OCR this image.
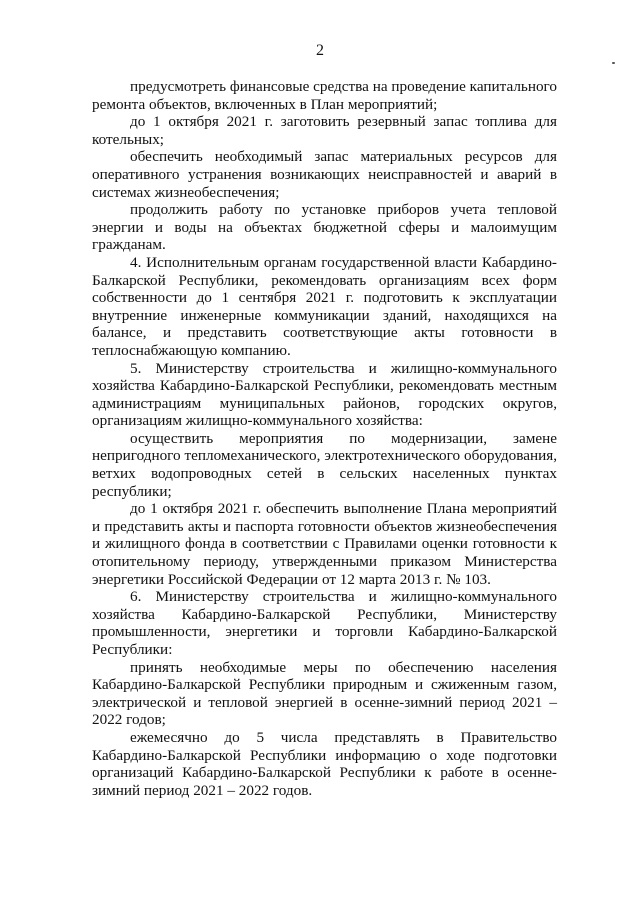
2

предусмотреть финансовые средства на проведение капитального ремонта объектов, включенных в План мероприятий;

до 1 октября 2021 г. заготовить резервный запас топлива для котельных;

обеспечить необходимый запас материальных ресурсов для оперативного устранения возникающих неисправностей и аварий в системах жизнеобеспечения;

продолжить работу по установке приборов учета тепловой энергии и воды на объектах бюджетной сферы и малоимущим гражданам.

4. Исполнительным органам государственной власти Кабардино-Балкарской Республики, рекомендовать организациям всех форм собственности до 1 сентября 2021 г. подготовить к эксплуатации внутренние инженерные коммуникации зданий, находящихся на балансе, и представить соответствующие акты готовности в теплоснабжающую компанию.

5. Министерству строительства и жилищно-коммунального хозяйства Кабардино-Балкарской Республики, рекомендовать местным администрациям муниципальных районов, городских округов, организациям жилищно-коммунального хозяйства:

осуществить мероприятия по модернизации, замене непригодного тепломеханического, электротехнического оборудования, ветхих водопроводных сетей в сельских населенных пунктах республики;

до 1 октября 2021 г. обеспечить выполнение Плана мероприятий и представить акты и паспорта готовности объектов жизнеобеспечения и жилищного фонда в соответствии с Правилами оценки готовности к отопительному периоду, утвержденными приказом Министерства энергетики Российской Федерации от 12 марта 2013 г. № 103.

6. Министерству строительства и жилищно-коммунального хозяйства Кабардино-Балкарской Республики, Министерству промышленности, энергетики и торговли Кабардино-Балкарской Республики:

принять необходимые меры по обеспечению населения Кабардино-Балкарской Республики природным и сжиженным газом, электрической и тепловой энергией в осенне-зимний период 2021 – 2022 годов;

ежемесячно до 5 числа представлять в Правительство Кабардино-Балкарской Республики информацию о ходе подготовки организаций Кабардино-Балкарской Республики к работе в осенне-зимний период 2021 – 2022 годов.
